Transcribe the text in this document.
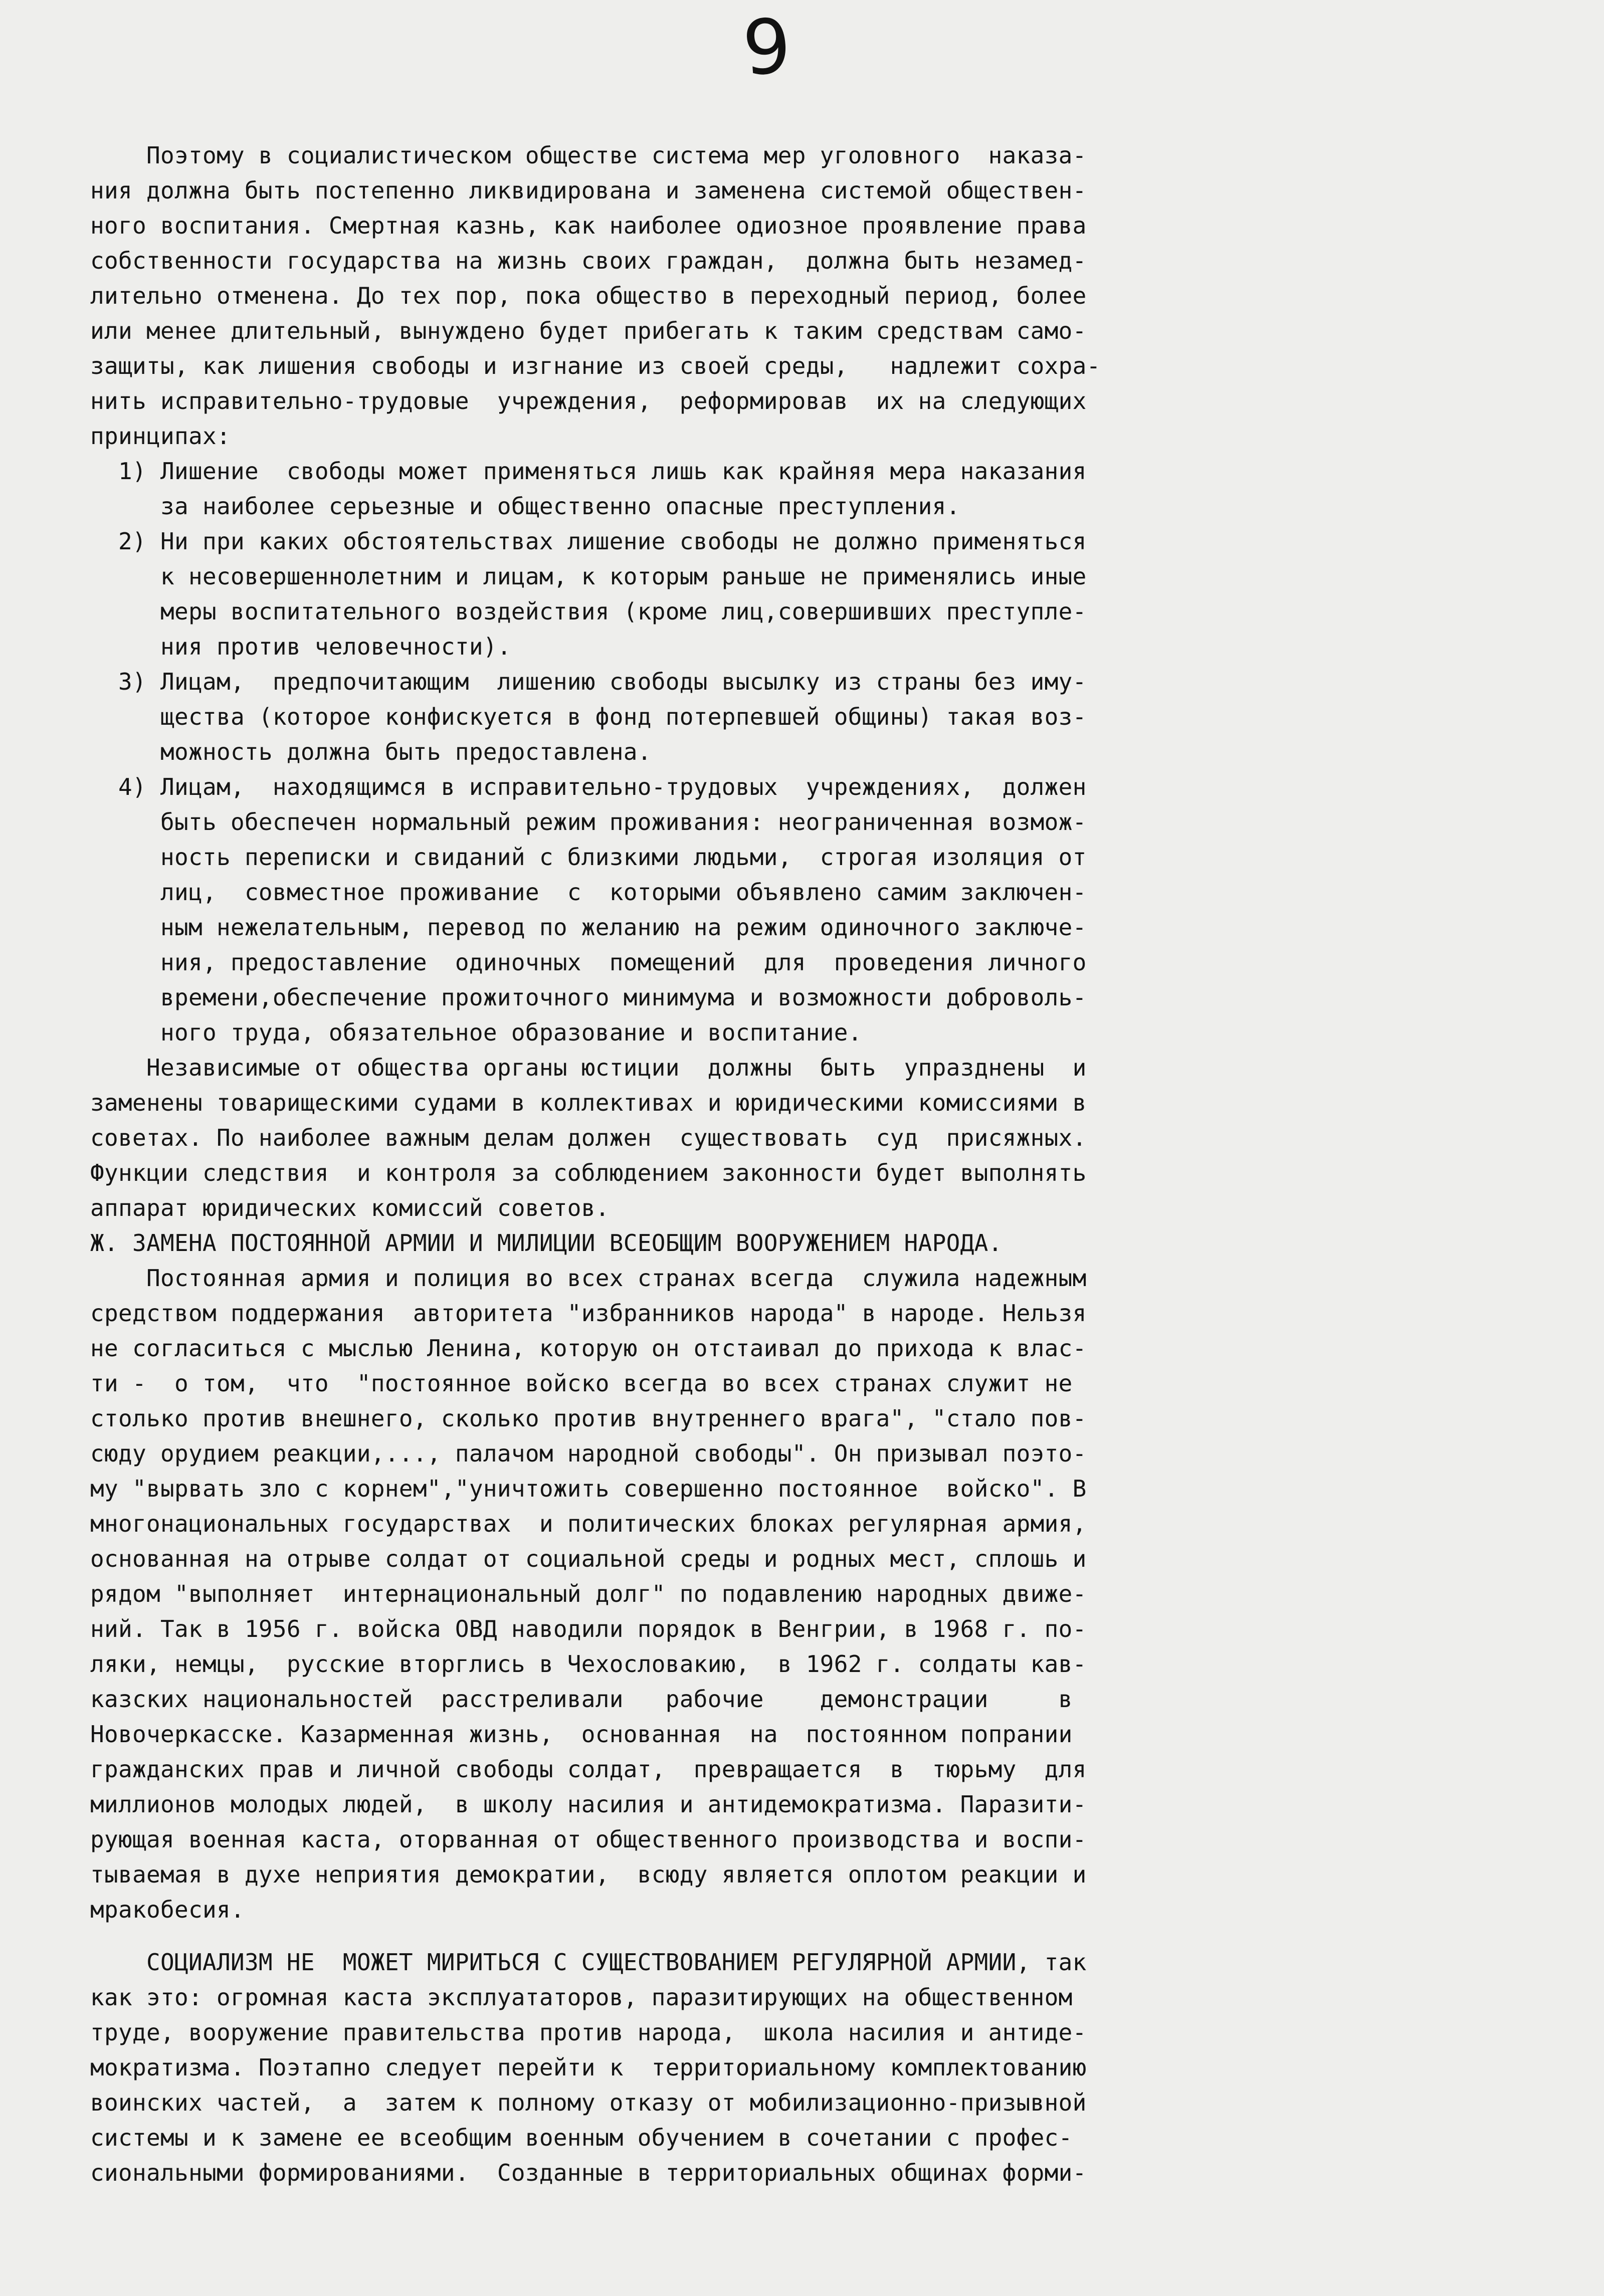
9
Поэтому в социалистическом обществе система мер уголовного  наказа-
ния должна быть постепенно ликвидирована и заменена системой обществен-
ного воспитания. Смертная казнь, как наиболее одиозное проявление права
собственности государства на жизнь своих граждан,  должна быть незамед-
лительно отменена. До тех пор, пока общество в переходный период, более
или менее длительный, вынуждено будет прибегать к таким средствам само-
защиты, как лишения свободы и изгнание из своей среды,   надлежит сохра-
нить исправительно-трудовые  учреждения,  реформировав  их на следующих
принципах:
1) Лишение  свободы может применяться лишь как крайняя мера наказания
за наиболее серьезные и общественно опасные преступления.
2) Ни при каких обстоятельствах лишение свободы не должно применяться
к несовершеннолетним и лицам, к которым раньше не применялись иные
меры воспитательного воздействия (кроме лиц,совершивших преступле-
ния против человечности).
3) Лицам,  предпочитающим  лишению свободы высылку из страны без иму-
щества (которое конфискуется в фонд потерпевшей общины) такая воз-
можность должна быть предоставлена.
4) Лицам,  находящимся в исправительно-трудовых  учреждениях,  должен
быть обеспечен нормальный режим проживания: неограниченная возмож-
ность переписки и свиданий с близкими людьми,  строгая изоляция от
лиц,  совместное проживание  с  которыми объявлено самим заключен-
ным нежелательным, перевод по желанию на режим одиночного заключе-
ния, предоставление  одиночных  помещений  для  проведения личного
времени,обеспечение прожиточного минимума и возможности доброволь-
ного труда, обязательное образование и воспитание.
Независимые от общества органы юстиции  должны  быть  упразднены  и
заменены товарищескими судами в коллективах и юридическими комиссиями в
советах. По наиболее важным делам должен  существовать  суд  присяжных.
Функции следствия  и контроля за соблюдением законности будет выполнять
аппарат юридических комиссий советов.
Ж. ЗАМЕНА ПОСТОЯННОЙ АРМИИ И МИЛИЦИИ ВСЕОБЩИМ ВООРУЖЕНИЕМ НАРОДА.
Постоянная армия и полиция во всех странах всегда  служила надежным
средством поддержания  авторитета "избранников народа" в народе. Нельзя
не согласиться с мыслью Ленина, которую он отстаивал до прихода к влас-
ти -  о том,  что  "постоянное войско всегда во всех странах служит не
столько против внешнего, сколько против внутреннего врага", "стало пов-
сюду орудием реакции,..., палачом народной свободы". Он призывал поэто-
му "вырвать зло с корнем","уничтожить совершенно постоянное  войско". В
многонациональных государствах  и политических блоках регулярная армия,
основанная на отрыве солдат от социальной среды и родных мест, сплошь и
рядом "выполняет  интернациональный долг" по подавлению народных движе-
ний. Так в 1956 г. войска ОВД наводили порядок в Венгрии, в 1968 г. по-
ляки, немцы,  русские вторглись в Чехословакию,  в 1962 г. солдаты кав-
казских национальностей  расстреливали   рабочие    демонстрации     в
Новочеркасске. Казарменная жизнь,  основанная  на  постоянном попрании
гражданских прав и личной свободы солдат,  превращается  в  тюрьму  для
миллионов молодых людей,  в школу насилия и антидемократизма. Паразити-
рующая военная каста, оторванная от общественного производства и воспи-
тываемая в духе неприятия демократии,  всюду является оплотом реакции и
мракобесия.
СОЦИАЛИЗМ НЕ  МОЖЕТ МИРИТЬСЯ С СУЩЕСТВОВАНИЕМ РЕГУЛЯРНОЙ АРМИИ, так
как это: огромная каста эксплуататоров, паразитирующих на общественном
труде, вооружение правительства против народа,  школа насилия и антиде-
мократизма. Поэтапно следует перейти к  территориальному комплектованию
воинских частей,  а  затем к полному отказу от мобилизационно-призывной
системы и к замене ее всеобщим военным обучением в сочетании с профес-
сиональными формированиями.  Созданные в территориальных общинах форми-
